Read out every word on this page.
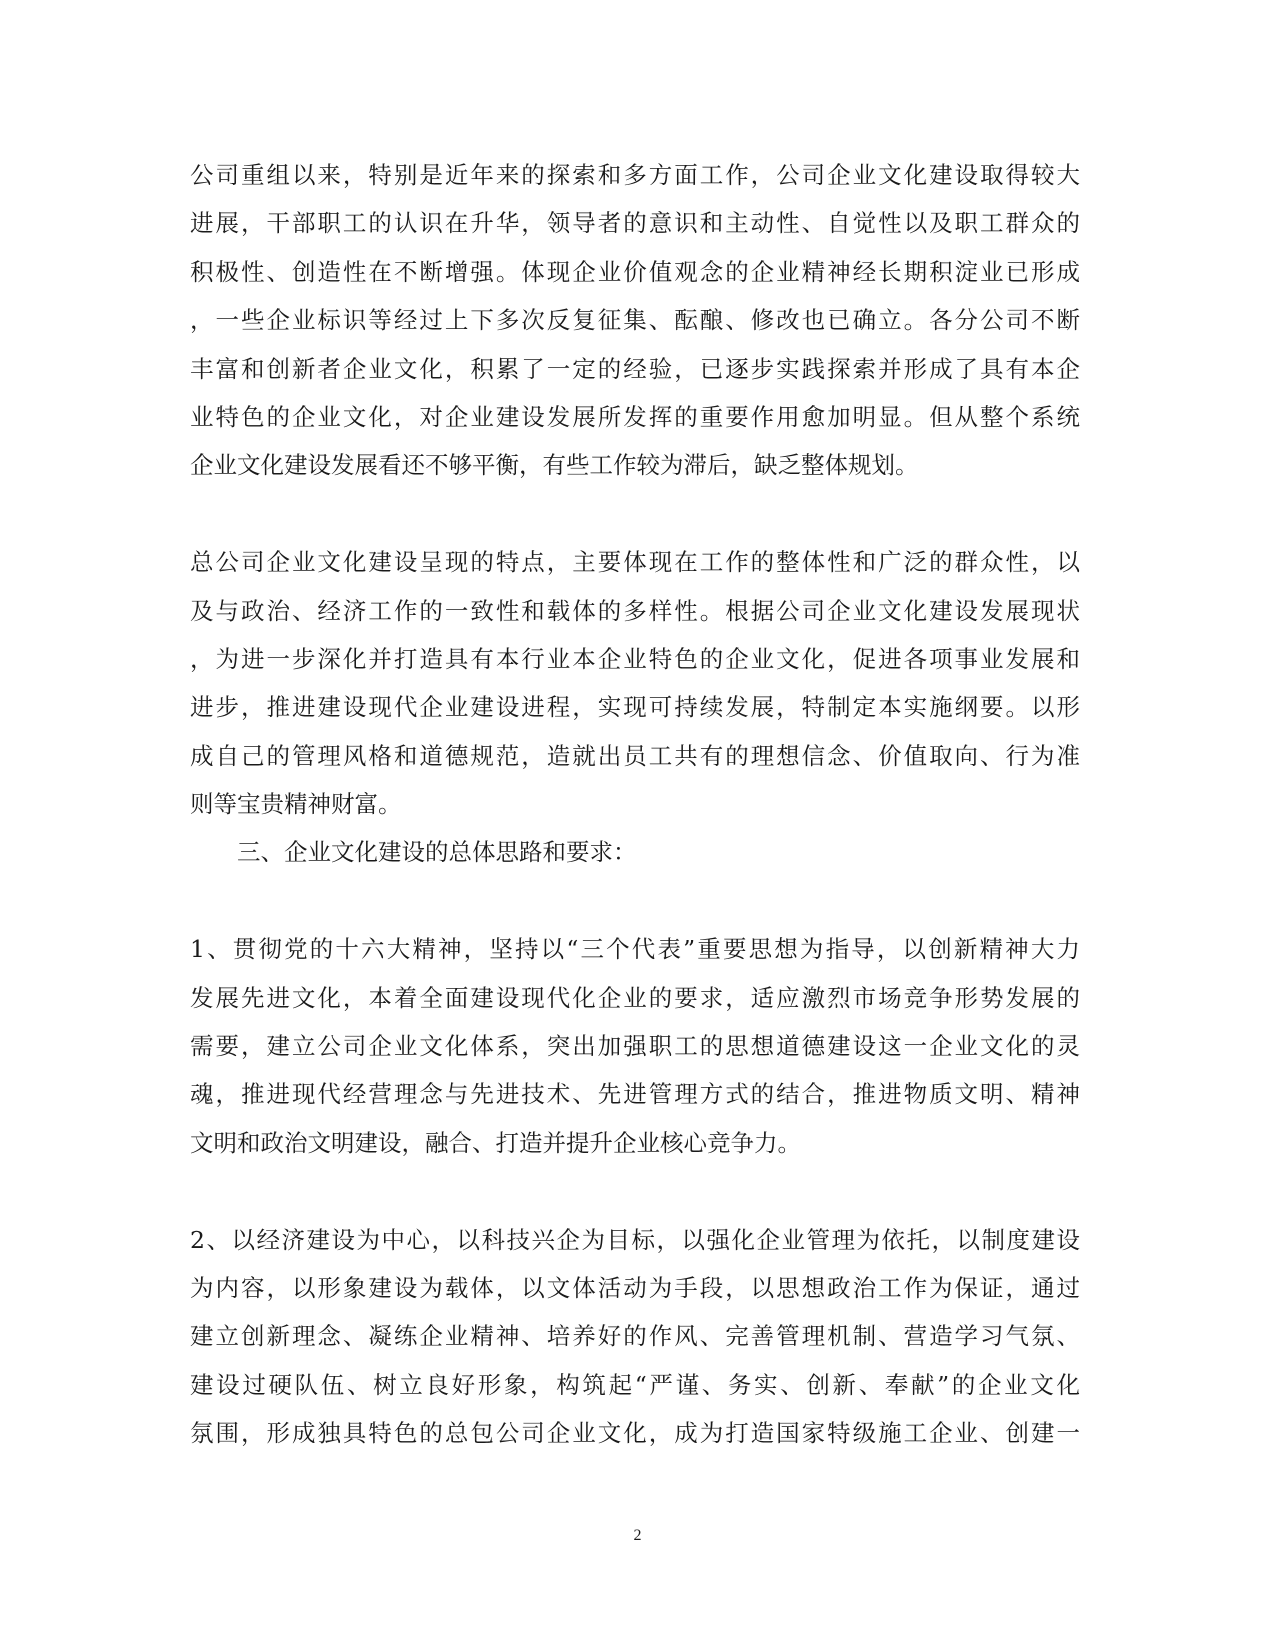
公司重组以来，特别是近年来的探索和多方面工作，公司企业文化建设取得较大
进展，干部职工的认识在升华，领导者的意识和主动性、自觉性以及职工群众的
积极性、创造性在不断增强。体现企业价值观念的企业精神经长期积淀业已形成
，一些企业标识等经过上下多次反复征集、酝酿、修改也已确立。各分公司不断
丰富和创新者企业文化，积累了一定的经验，已逐步实践探索并形成了具有本企
业特色的企业文化，对企业建设发展所发挥的重要作用愈加明显。但从整个系统
企业文化建设发展看还不够平衡，有些工作较为滞后，缺乏整体规划。
总公司企业文化建设呈现的特点，主要体现在工作的整体性和广泛的群众性，以
及与政治、经济工作的一致性和载体的多样性。根据公司企业文化建设发展现状
，为进一步深化并打造具有本行业本企业特色的企业文化，促进各项事业发展和
进步，推进建设现代企业建设进程，实现可持续发展，特制定本实施纲要。以形
成自己的管理风格和道德规范，造就出员工共有的理想信念、价值取向、行为准
则等宝贵精神财富。
三、企业文化建设的总体思路和要求：
1、贯彻党的十六大精神，坚持以“三个代表”重要思想为指导，以创新精神大力
发展先进文化，本着全面建设现代化企业的要求，适应激烈市场竞争形势发展的
需要，建立公司企业文化体系，突出加强职工的思想道德建设这一企业文化的灵
魂，推进现代经营理念与先进技术、先进管理方式的结合，推进物质文明、精神
文明和政治文明建设，融合、打造并提升企业核心竞争力。
2、以经济建设为中心，以科技兴企为目标，以强化企业管理为依托，以制度建设
为内容，以形象建设为载体，以文体活动为手段，以思想政治工作为保证，通过
建立创新理念、凝练企业精神、培养好的作风、完善管理机制、营造学习气氛、
建设过硬队伍、树立良好形象，构筑起“严谨、务实、创新、奉献”的企业文化
氛围，形成独具特色的总包公司企业文化，成为打造国家特级施工企业、创建一
2
